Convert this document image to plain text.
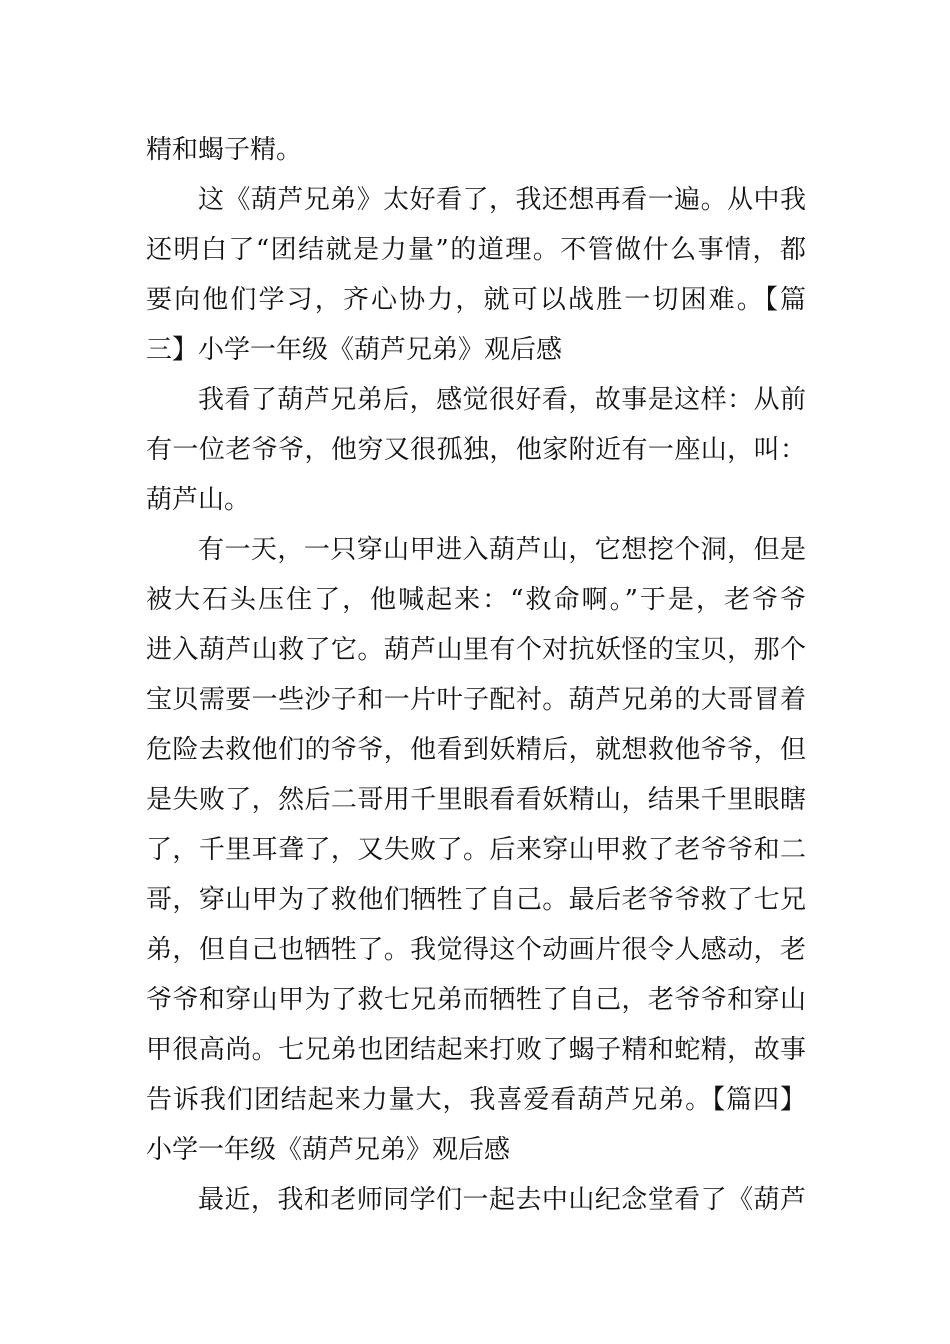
精和蝎子精。
这《葫芦兄弟》太好看了，我还想再看一遍。从中我
还明白了“团结就是力量”的道理。不管做什么事情，都
要向他们学习，齐心协力，就可以战胜一切困难。【篇
三】小学一年级《葫芦兄弟》观后感
我看了葫芦兄弟后，感觉很好看，故事是这样：从前
有一位老爷爷，他穷又很孤独，他家附近有一座山，叫：
葫芦山。
有一天，一只穿山甲进入葫芦山，它想挖个洞，但是
被大石头压住了，他喊起来：“救命啊。”于是，老爷爷
进入葫芦山救了它。葫芦山里有个对抗妖怪的宝贝，那个
宝贝需要一些沙子和一片叶子配衬。葫芦兄弟的大哥冒着
危险去救他们的爷爷，他看到妖精后，就想救他爷爷，但
是失败了，然后二哥用千里眼看看妖精山，结果千里眼瞎
了，千里耳聋了，又失败了。后来穿山甲救了老爷爷和二
哥，穿山甲为了救他们牺牲了自己。最后老爷爷救了七兄
弟，但自己也牺牲了。我觉得这个动画片很令人感动，老
爷爷和穿山甲为了救七兄弟而牺牲了自己，老爷爷和穿山
甲很高尚。七兄弟也团结起来打败了蝎子精和蛇精，故事
告诉我们团结起来力量大，我喜爱看葫芦兄弟。【篇四】
小学一年级《葫芦兄弟》观后感
最近，我和老师同学们一起去中山纪念堂看了《葫芦
